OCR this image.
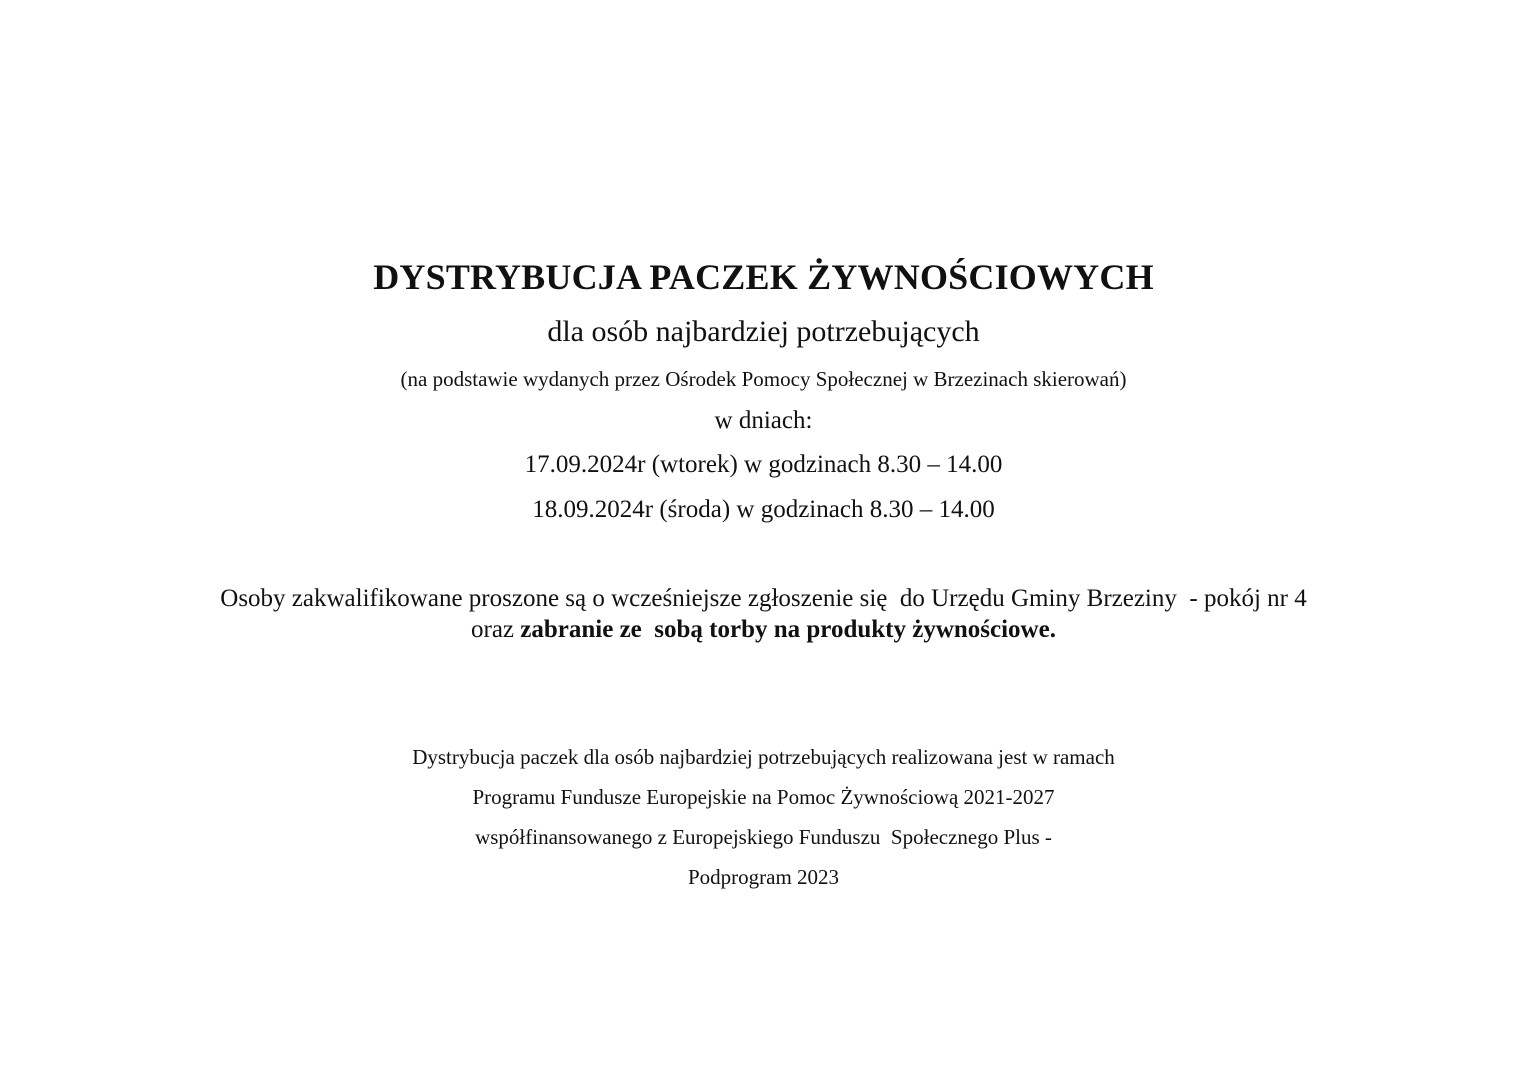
DYSTRYBUCJA PACZEK ŻYWNOŚCIOWYCH
dla osób najbardziej potrzebujących
(na podstawie wydanych przez Ośrodek Pomocy Społecznej w Brzezinach skierowań)
w dniach:
17.09.2024r (wtorek) w godzinach 8.30 – 14.00
18.09.2024r (środa) w godzinach 8.30 – 14.00
Osoby zakwalifikowane proszone są o wcześniejsze zgłoszenie się  do Urzędu Gminy Brzeziny  - pokój nr 4
oraz zabranie ze  sobą torby na produkty żywnościowe.
Dystrybucja paczek dla osób najbardziej potrzebujących realizowana jest w ramach
Programu Fundusze Europejskie na Pomoc Żywnościową 2021-2027
współfinansowanego z Europejskiego Funduszu  Społecznego Plus -
Podprogram 2023
